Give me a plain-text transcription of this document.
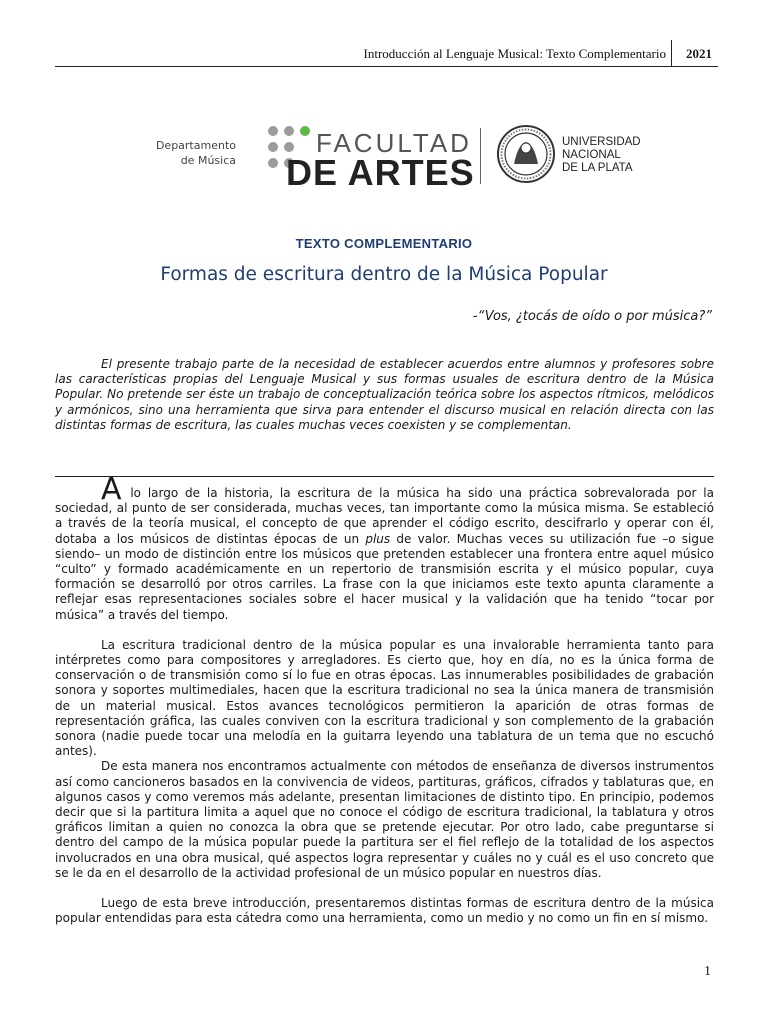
Introducción al Lenguaje Musical: Texto Complementario 2021
Departamento
de Música
FACULTAD
DE ARTES
UNIVERSIDAD
NACIONAL
DE LA PLATA
TEXTO COMPLEMENTARIO
Formas de escritura dentro de la Música Popular
-“Vos, ¿tocás de oído o por música?”

El presente trabajo parte de la necesidad de establecer acuerdos entre alumnos y profesores sobre las características propias del Lenguaje Musical y sus formas usuales de escritura dentro de la Música Popular. No pretende ser éste un trabajo de conceptualización teórica sobre los aspectos rítmicos, melódicos y armónicos, sino una herramienta que sirva para entender el discurso musical en relación directa con las distintas formas de escritura, las cuales muchas veces coexisten y se complementan.

A lo largo de la historia, la escritura de la música ha sido una práctica sobrevalorada por la sociedad, al punto de ser considerada, muchas veces, tan importante como la música misma. Se estableció a través de la teoría musical, el concepto de que aprender el código escrito, descifrarlo y operar con él, dotaba a los músicos de distintas épocas de un plus de valor. Muchas veces su utilización fue –o sigue siendo– un modo de distinción entre los músicos que pretenden establecer una frontera entre aquel músico “culto” y formado académicamente en un repertorio de transmisión escrita y el músico popular, cuya formación se desarrolló por otros carriles. La frase con la que iniciamos este texto apunta claramente a reflejar esas representaciones sociales sobre el hacer musical y la validación que ha tenido “tocar por música” a través del tiempo.

La escritura tradicional dentro de la música popular es una invalorable herramienta tanto para intérpretes como para compositores y arregladores. Es cierto que, hoy en día, no es la única forma de conservación o de transmisión como sí lo fue en otras épocas. Las innumerables posibilidades de grabación sonora y soportes multimediales, hacen que la escritura tradicional no sea la única manera de transmisión de un material musical. Estos avances tecnológicos permitieron la aparición de otras formas de representación gráfica, las cuales conviven con la escritura tradicional y son complemento de la grabación sonora (nadie puede tocar una melodía en la guitarra leyendo una tablatura de un tema que no escuchó antes).

De esta manera nos encontramos actualmente con métodos de enseñanza de diversos instrumentos así como cancioneros basados en la convivencia de videos, partituras, gráficos, cifrados y tablaturas que, en algunos casos y como veremos más adelante, presentan limitaciones de distinto tipo. En principio, podemos decir que si la partitura limita a aquel que no conoce el código de escritura tradicional, la tablatura y otros gráficos limitan a quien no conozca la obra que se pretende ejecutar. Por otro lado, cabe preguntarse si dentro del campo de la música popular puede la partitura ser el fiel reflejo de la totalidad de los aspectos involucrados en una obra musical, qué aspectos logra representar y cuáles no y cuál es el uso concreto que se le da en el desarrollo de la actividad profesional de un músico popular en nuestros días.

Luego de esta breve introducción, presentaremos distintas formas de escritura dentro de la música popular entendidas para esta cátedra como una herramienta, como un medio y no como un fin en sí mismo.

1
